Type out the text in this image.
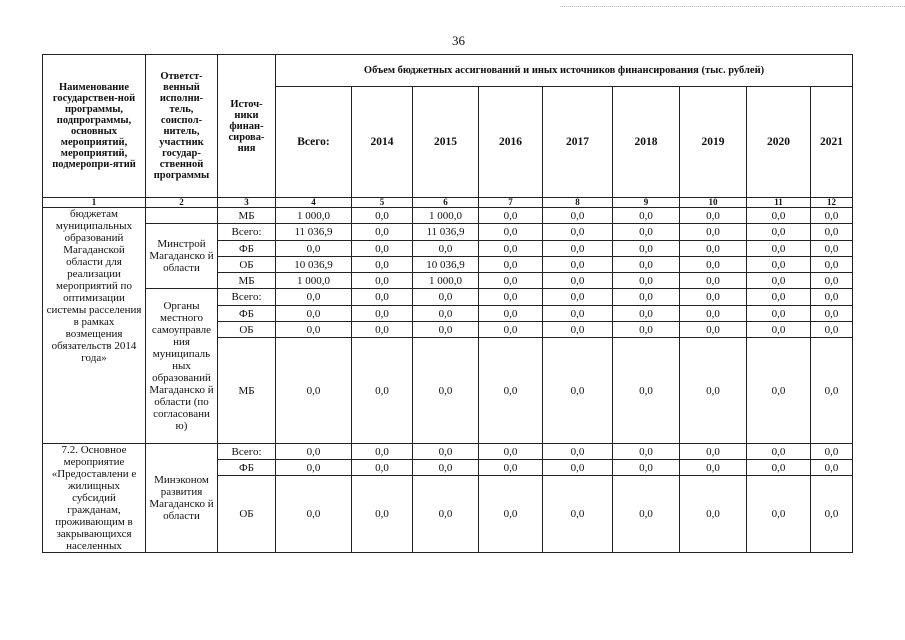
36
Наименование государствен-ной программы, подпрограммы, основных мероприятий, мероприятий, подмеропри-ятий	Ответст-венный исполни-тель, соиспол-нитель, участник государ-ственной программы	Источ-ники финан-сирова-ния	Объем бюджетных ассигнований и иных источников финансирования (тыс. рублей)								
			Всего:	2014	2015	2016	2017	2018	2019	2020	2021
1	2	3	4	5	6	7	8	9	10	11	12
бюджетам муниципальных образований Магаданской области для реализации мероприятий по оптимизации системы расселения в рамках возмещения обязательств 2014 года»		МБ	1 000,0	0,0	1 000,0	0,0	0,0	0,0	0,0	0,0	0,0
	Минстрой Магаданско й области	Всего:	11 036,9	0,0	11 036,9	0,0	0,0	0,0	0,0	0,0	0,0
		ФБ	0,0	0,0	0,0	0,0	0,0	0,0	0,0	0,0	0,0
		ОБ	10 036,9	0,0	10 036,9	0,0	0,0	0,0	0,0	0,0	0,0
		МБ	1 000,0	0,0	1 000,0	0,0	0,0	0,0	0,0	0,0	0,0
	Органы местного самоуправле ния муниципаль ных образований Магаданско й области (по согласовани ю)	Всего:	0,0	0,0	0,0	0,0	0,0	0,0	0,0	0,0	0,0
		ФБ	0,0	0,0	0,0	0,0	0,0	0,0	0,0	0,0	0,0
		ОБ	0,0	0,0	0,0	0,0	0,0	0,0	0,0	0,0	0,0
		МБ	0,0	0,0	0,0	0,0	0,0	0,0	0,0	0,0	0,0
7.2. Основное мероприятие «Предоставлени е жилищных субсидий гражданам, проживающим в закрывающихся населенных	Минэконом развития Магаданско й области	Всего:	0,0	0,0	0,0	0,0	0,0	0,0	0,0	0,0	0,0
		ФБ	0,0	0,0	0,0	0,0	0,0	0,0	0,0	0,0	0,0
		ОБ	0,0	0,0	0,0	0,0	0,0	0,0	0,0	0,0	0,0
